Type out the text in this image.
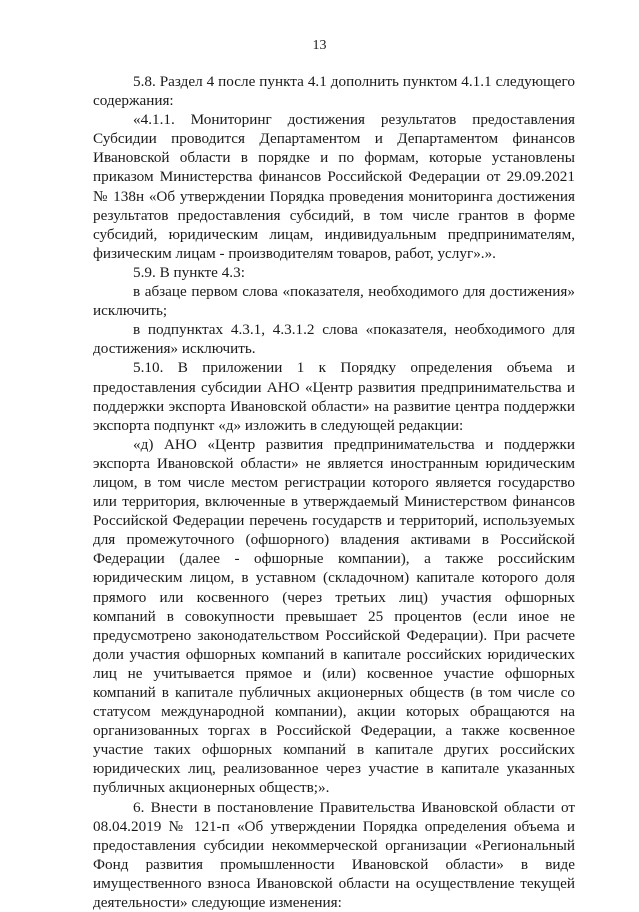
13

5.8. Раздел 4 после пункта 4.1 дополнить пунктом 4.1.1 следующего содержания:

«4.1.1. Мониторинг достижения результатов предоставления Субсидии проводится Департаментом и Департаментом финансов Ивановской области в порядке и по формам, которые установлены приказом Министерства финансов Российской Федерации от 29.09.2021 № 138н «Об утверждении Порядка проведения мониторинга достижения результатов предоставления субсидий, в том числе грантов в форме субсидий, юридическим лицам, индивидуальным предпринимателям, физическим лицам - производителям товаров, работ, услуг».».

5.9. В пункте 4.3:

в абзаце первом слова «показателя, необходимого для достижения» исключить;

в подпунктах 4.3.1, 4.3.1.2 слова «показателя, необходимого для достижения» исключить.

5.10. В приложении 1 к Порядку определения объема и предоставления субсидии АНО «Центр развития предпринимательства и поддержки экспорта Ивановской области» на развитие центра поддержки экспорта подпункт «д» изложить в следующей редакции:

«д) АНО «Центр развития предпринимательства и поддержки экспорта Ивановской области» не является иностранным юридическим лицом, в том числе местом регистрации которого является государство или территория, включенные в утверждаемый Министерством финансов Российской Федерации перечень государств и территорий, используемых для промежуточного (офшорного) владения активами в Российской Федерации (далее - офшорные компании), а также российским юридическим лицом, в уставном (складочном) капитале которого доля прямого или косвенного (через третьих лиц) участия офшорных компаний в совокупности превышает 25 процентов (если иное не предусмотрено законодательством Российской Федерации). При расчете доли участия офшорных компаний в капитале российских юридических лиц не учитывается прямое и (или) косвенное участие офшорных компаний в капитале публичных акционерных обществ (в том числе со статусом международной компании), акции которых обращаются на организованных торгах в Российской Федерации, а также косвенное участие таких офшорных компаний в капитале других российских юридических лиц, реализованное через участие в капитале указанных публичных акционерных обществ;».

6. Внести в постановление Правительства Ивановской области от 08.04.2019 № 121-п «Об утверждении Порядка определения объема и предоставления субсидии некоммерческой организации «Региональный Фонд развития промышленности Ивановской области» в виде имущественного взноса Ивановской области на осуществление текущей деятельности» следующие изменения:
